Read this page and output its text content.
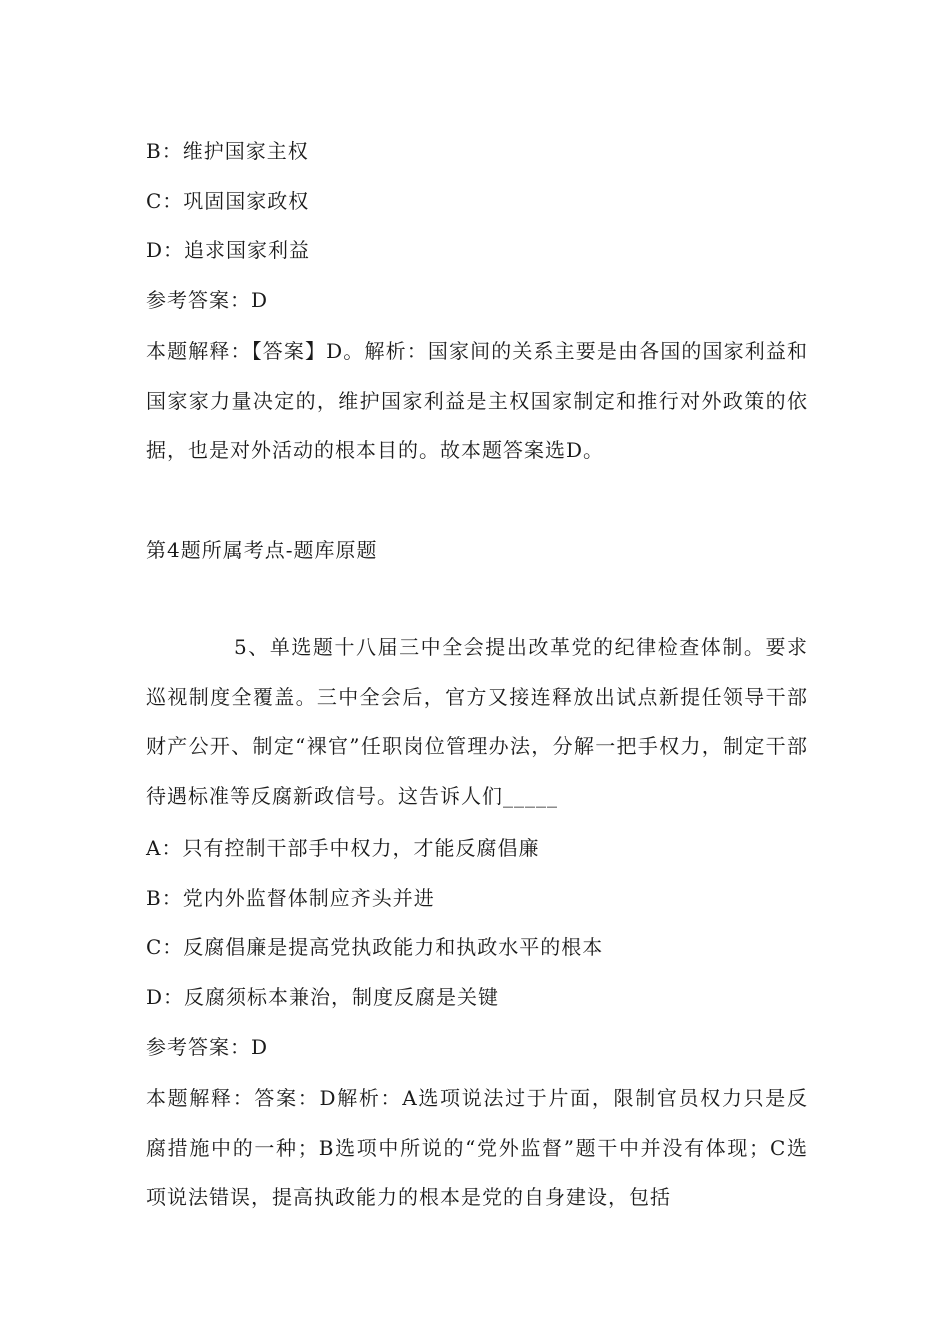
B：维护国家主权
C：巩固国家政权
D：追求国家利益
参考答案：D
本题解释：【答案】D。解析：国家间的关系主要是由各国的国家利益和国家家力量决定的，维护国家利益是主权国家制定和推行对外政策的依据，也是对外活动的根本目的。故本题答案选D。
第4题所属考点-题库原题
5、单选题十八届三中全会提出改革党的纪律检查体制。要求巡视制度全覆盖。三中全会后，官方又接连释放出试点新提任领导干部财产公开、制定“裸官”任职岗位管理办法，分解一把手权力，制定干部待遇标准等反腐新政信号。这告诉人们_____
A：只有控制干部手中权力，才能反腐倡廉
B：党内外监督体制应齐头并进
C：反腐倡廉是提高党执政能力和执政水平的根本
D：反腐须标本兼治，制度反腐是关键
参考答案：D
本题解释：答案：D解析：A选项说法过于片面，限制官员权力只是反腐措施中的一种；B选项中所说的“党外监督”题干中并没有体现；C选项说法错误，提高执政能力的根本是党的自身建设，包括
